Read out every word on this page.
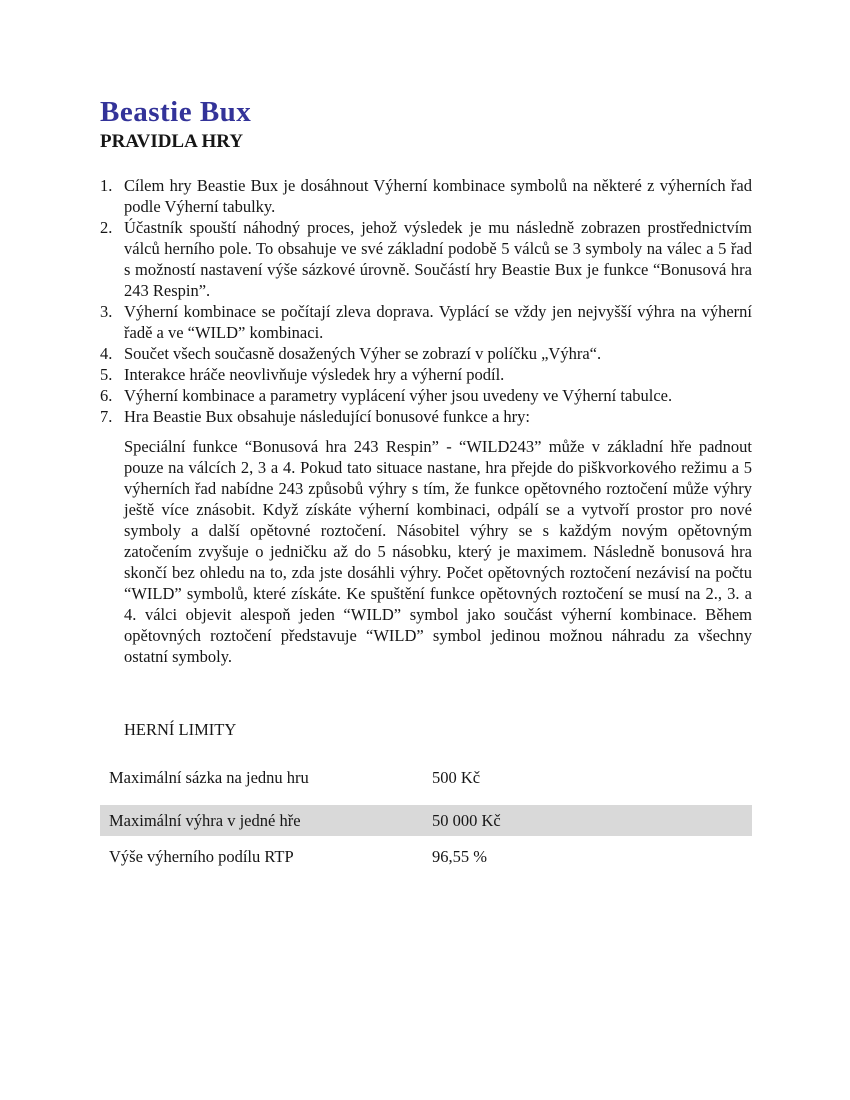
Beastie Bux
PRAVIDLA HRY
Cílem hry Beastie Bux je dosáhnout Výherní kombinace symbolů na některé z výherních řad podle Výherní tabulky.
Účastník spouští náhodný proces, jehož výsledek je mu následně zobrazen prostřednictvím válců herního pole. To obsahuje ve své základní podobě 5 válců se 3 symboly na válec a 5 řad s možností nastavení výše sázkové úrovně. Součástí hry Beastie Bux je funkce “Bonusová hra 243 Respin”.
Výherní kombinace se počítají zleva doprava. Vyplácí se vždy jen nejvyšší výhra na výherní řadě a ve “WILD” kombinaci.
Součet všech současně dosažených Výher se zobrazí v políčku „Výhra“.
Interakce hráče neovlivňuje výsledek hry a výherní podíl.
Výherní kombinace a parametry vyplácení výher jsou uvedeny ve Výherní tabulce.
Hra Beastie Bux obsahuje následující bonusové funkce a hry:

Speciální funkce “Bonusová hra 243 Respin” - “WILD243” může v základní hře padnout pouze na válcích 2, 3 a 4. Pokud tato situace nastane, hra přejde do piškvorkového režimu a 5 výherních řad nabídne 243 způsobů výhry s tím, že funkce opětovného roztočení může výhry ještě více znásobit. Když získáte výherní kombinaci, odpálí se a vytvoří prostor pro nové symboly a další opětovné roztočení. Násobitel výhry se s každým novým opětovným zatočením zvyšuje o jedničku až do 5 násobku, který je maximem. Následně bonusová hra skončí bez ohledu na to, zda jste dosáhli výhry. Počet opětovných roztočení nezávisí na počtu “WILD” symbolů, které získáte. Ke spuštění funkce opětovných roztočení se musí na 2., 3. a 4. válci objevit alespoň jeden “WILD” symbol jako součást výherní kombinace. Během opětovných roztočení představuje “WILD” symbol jedinou možnou náhradu za všechny ostatní symboly.

HERNÍ LIMITY

Maximální sázka na jednu hru	500 Kč
Maximální výhra v jedné hře	50 000 Kč
Výše výherního podílu RTP	96,55 %
